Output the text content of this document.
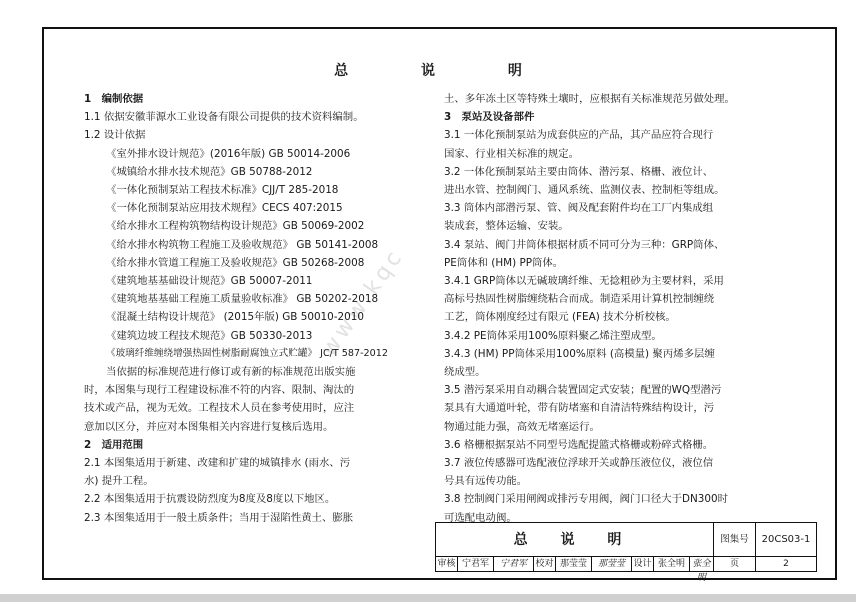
www.kqc
总 说 明
1　编制依据
1.1 依据安徽菲源水工业设备有限公司提供的技术资料编制。
1.2 设计依据
《室外排水设计规范》(2016年版) GB 50014-2006
《城镇给水排水技术规范》GB 50788-2012
《一体化预制泵站工程技术标准》CJJ/T 285-2018
《一体化预制泵站应用技术规程》CECS 407:2015
《给水排水工程构筑物结构设计规范》GB 50069-2002
《给水排水构筑物工程施工及验收规范》 GB 50141-2008
《给水排水管道工程施工及验收规范》GB 50268-2008
《建筑地基基础设计规范》GB 50007-2011
《建筑地基基础工程施工质量验收标准》 GB 50202-2018
《混凝土结构设计规范》 (2015年版) GB 50010-2010
《建筑边坡工程技术规范》GB 50330-2013
《玻璃纤维缠绕增强热固性树脂耐腐蚀立式贮罐》 JC/T 587-2012
当依据的标准规范进行修订或有新的标准规范出版实施
时，本图集与现行工程建设标准不符的内容、限制、淘汰的
技术或产品，视为无效。工程技术人员在参考使用时，应注
意加以区分，并应对本图集相关内容进行复核后选用。
2　适用范围
2.1 本图集适用于新建、改建和扩建的城镇排水 (雨水、污
水) 提升工程。
2.2 本图集适用于抗震设防烈度为8度及8度以下地区。
2.3 本图集适用于一般土质条件；当用于湿陷性黄土、膨胀
土、多年冻土区等特殊土壤时，应根据有关标准规范另做处理。
3　泵站及设备部件
3.1 一体化预制泵站为成套供应的产品，其产品应符合现行
国家、行业相关标准的规定。
3.2 一体化预制泵站主要由筒体、潜污泵、格栅、液位计、
进出水管、控制阀门、通风系统、监测仪表、控制柜等组成。
3.3 筒体内部潜污泵、管、阀及配套附件均在工厂内集成组
装成套，整体运输、安装。
3.4 泵站、阀门井筒体根据材质不同可分为三种：GRP筒体、
PE筒体和 (HM) PP筒体。
3.4.1 GRP筒体以无碱玻璃纤维、无捻粗砂为主要材料，采用
高标号热固性树脂缠绕粘合而成。制造采用计算机控制缠绕
工艺，筒体刚度经过有限元 (FEA) 技术分析校核。
3.4.2 PE筒体采用100%原料聚乙烯注塑成型。
3.4.3 (HM) PP筒体采用100%原料 (高模量) 聚丙烯多层缠
绕成型。
3.5 潜污泵采用自动耦合装置固定式安装；配置的WQ型潜污
泵具有大通道叶轮，带有防堵塞和自清洁特殊结构设计，污
物通过能力强，高效无堵塞运行。
3.6 格栅根据泵站不同型号选配提篮式格栅或粉碎式格栅。
3.7 液位传感器可选配液位浮球开关或静压液位仪，液位信
号具有远传功能。
3.8 控制阀门采用闸阀或排污专用阀，阀门口径大于DN300时
可选配电动阀。
总 说 明	图集号	20CS03-1
审核 宁君军	宁君军 校对 那莹莹	那莹莹 设计 张全明 张全明
页	2
